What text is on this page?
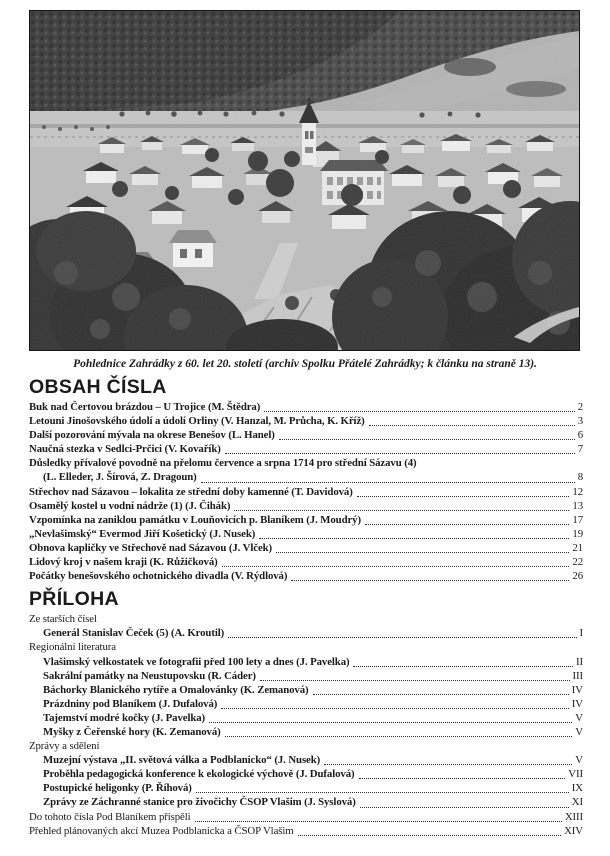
Pohlednice Zahrádky z 60. let 20. století (archiv Spolku Přátelé Zahrádky; k článku na straně 13).
OBSAH ČÍSLA
Buk nad Čertovou brázdou – U Trojice (M. Štědra)	2
Letouni Jinošovského údolí a údolí Orliny (V. Hanzal, M. Průcha, K. Kříž)	3
Další pozorování mývala na okrese Benešov (L. Hanel)	6
Naučná stezka v Sedlci-Prčici (V. Kovařík)	7
Důsledky přívalové povodně na přelomu července a srpna 1714 pro střední Sázavu (4)
(L. Elleder, J. Šírová, Z. Dragoun)	8
Střechov nad Sázavou – lokalita ze střední doby kamenné (T. Davidová)	12
Osamělý kostel u vodní nádrže (1) (J. Čihák)	13
Vzpomínka na zaniklou památku v Louňovicích p. Blaníkem (J. Moudrý)	17
„Nevlašimský“ Evermod Jiří Košetický (J. Nusek)	19
Obnova kapličky ve Střechově nad Sázavou (J. Vlček)	21
Lidový kroj v našem kraji (K. Růžičková)	22
Počátky benešovského ochotnického divadla (V. Rýdlová)	26
PŘÍLOHA
Ze starších čísel
Generál Stanislav Čeček (5) (A. Kroutil)	I
Regionální literatura
Vlašimský velkostatek ve fotografii před 100 lety a dnes (J. Pavelka)	II
Sakrální památky na Neustupovsku (R. Cáder)	III
Báchorky Blanického rytíře a Omalovánky (K. Zemanová)	IV
Prázdniny pod Blaníkem (J. Dufalová)	IV
Tajemství modré kočky (J. Pavelka)	V
Myšky z Čeřenské hory (K. Zemanová)	V
Zprávy a sdělení
Muzejní výstava „II. světová válka a Podblanicko“ (J. Nusek)	V
Proběhla pedagogická konference k ekologické výchově (J. Dufalová)	VII
Postupické heligonky (P. Říhová)	IX
Zprávy ze Záchranné stanice pro živočichy ČSOP Vlašim (J. Syslová)	XI
Do tohoto čísla Pod Blaníkem přispěli	XIII
Přehled plánovaných akcí Muzea Podblanicka a ČSOP Vlašim	XIV
